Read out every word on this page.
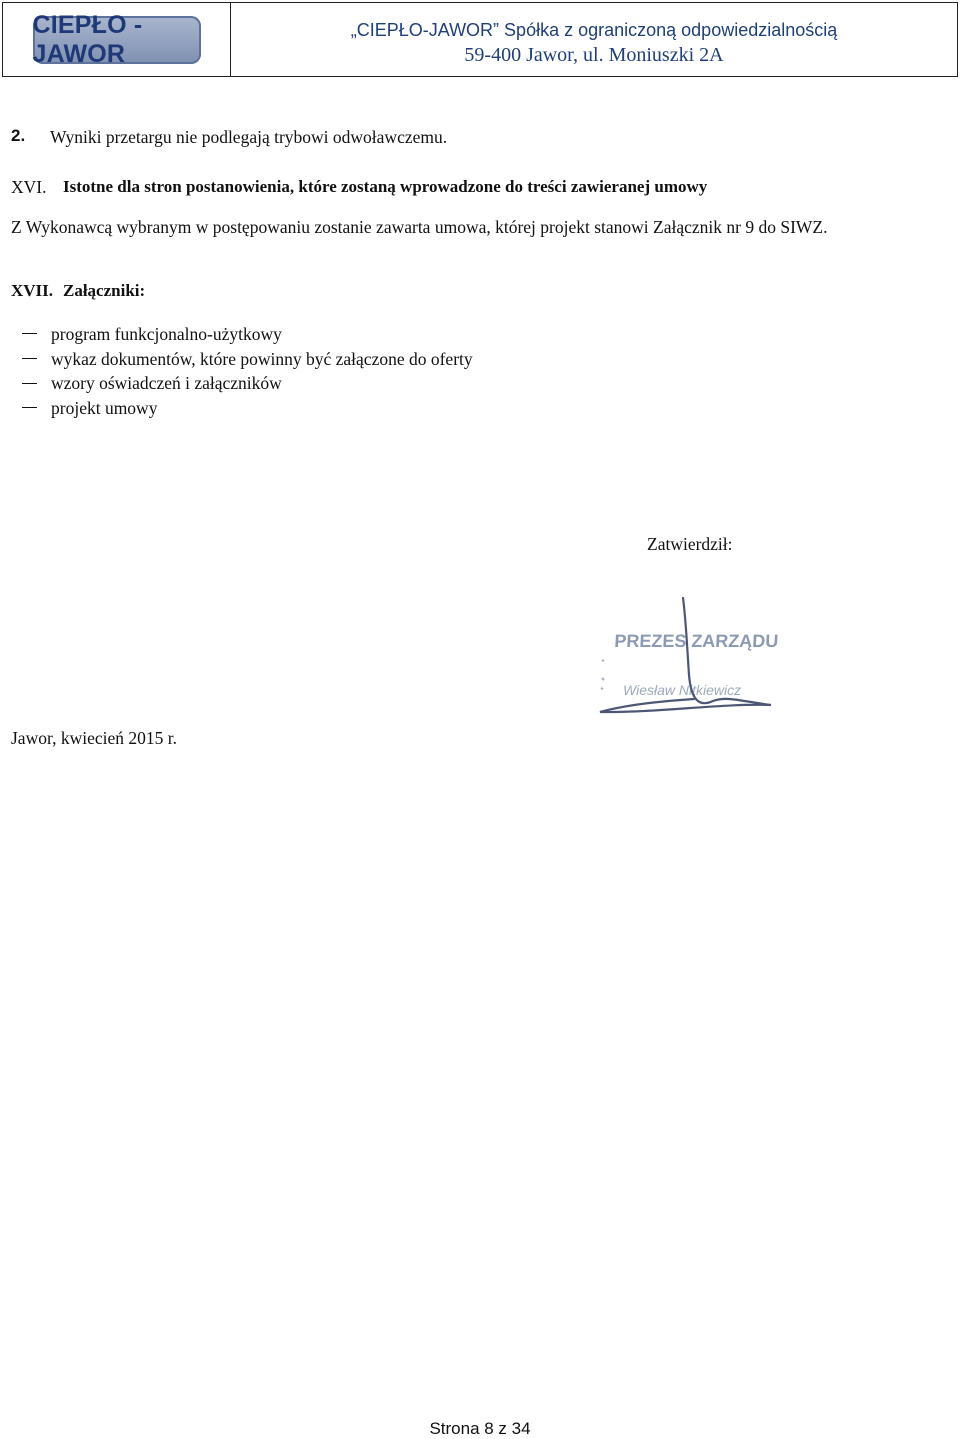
CIEPŁO - JAWOR
„CIEPŁO-JAWOR” Spółka z ograniczoną odpowiedzialnością
59-400 Jawor, ul. Moniuszki 2A
2. Wyniki przetargu nie podlegają trybowi odwoławczemu.
XVI. Istotne dla stron postanowienia, które zostaną wprowadzone do treści zawieranej umowy
Z Wykonawcą wybranym w postępowaniu zostanie zawarta umowa, której projekt stanowi Załącznik nr 9 do SIWZ.
XVII. Załączniki:
program funkcjonalno-użytkowy
wykaz dokumentów, które powinny być załączone do oferty
wzory oświadczeń i załączników
projekt umowy
Zatwierdził:
PREZES ZARZĄDU
Wiesław Nitkiewicz
Jawor, kwiecień 2015 r.
Strona 8 z 34
